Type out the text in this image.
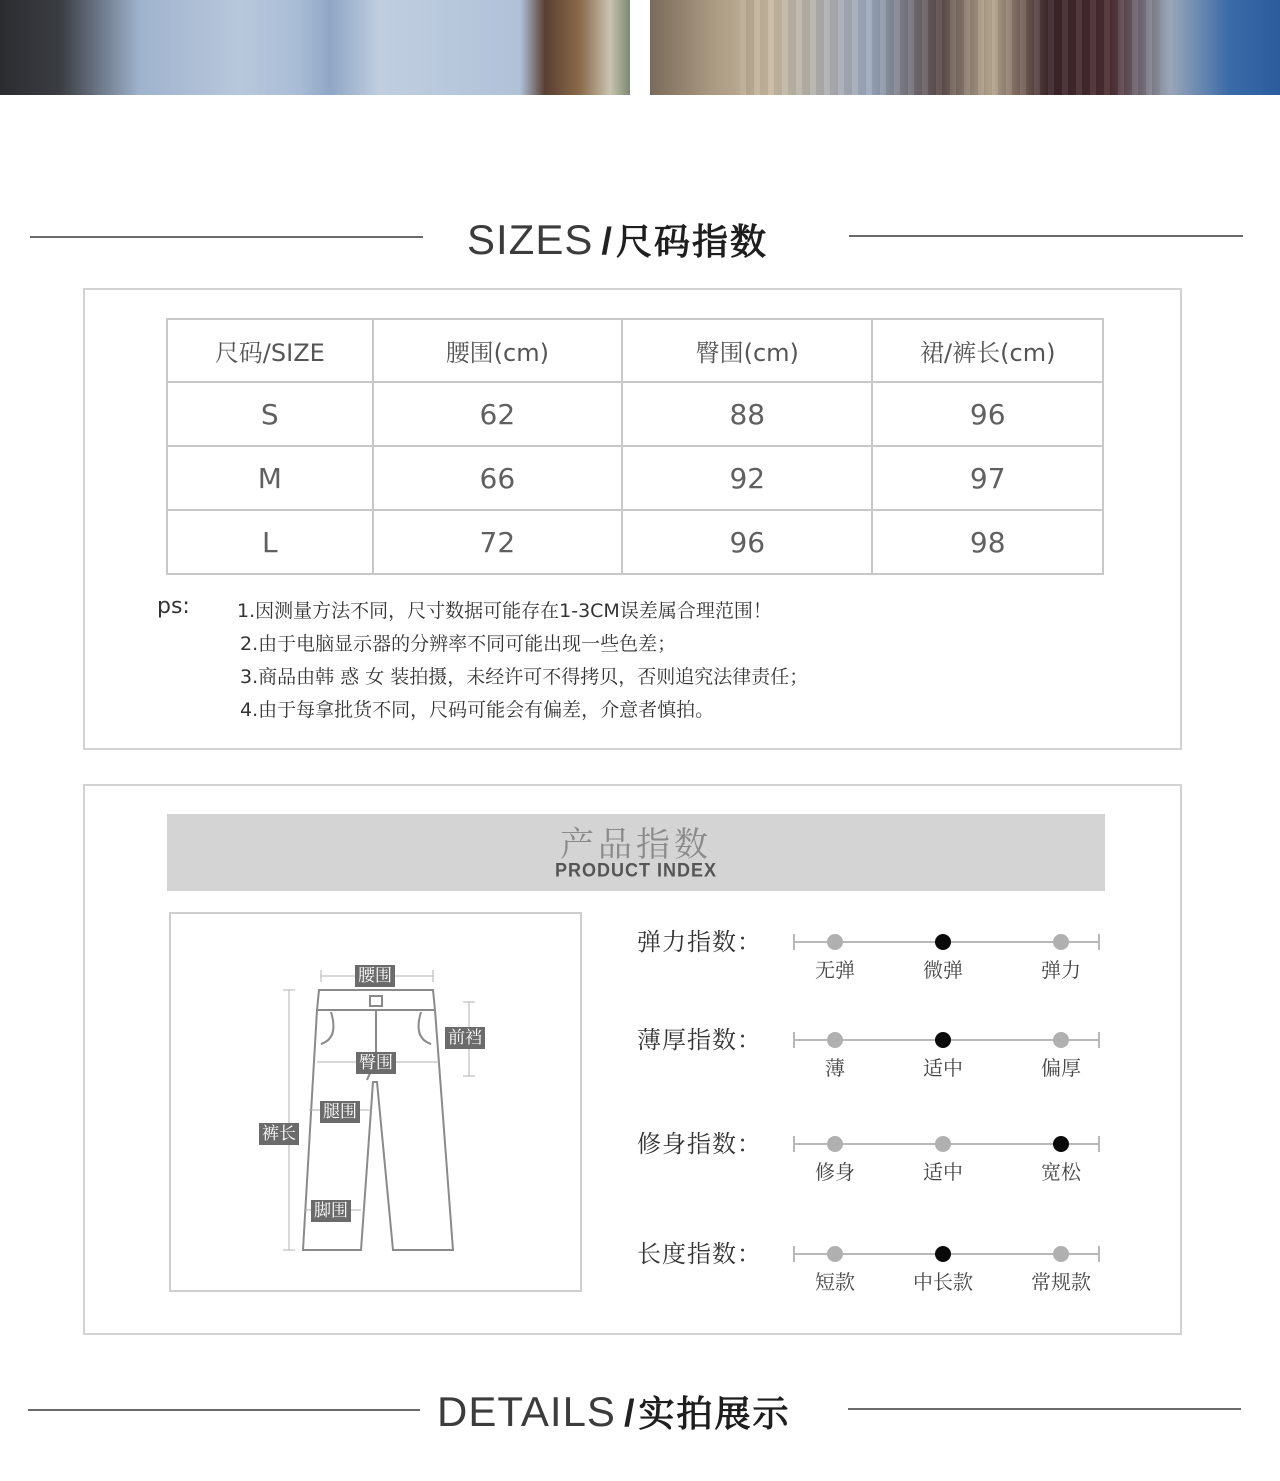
SIZES / 尺码指数
尺码/SIZE	腰围(cm)	臀围(cm)	裙/裤长(cm)
S	62	88	96
M	66	92	97
L	72	96	98
ps: 1.因测量方法不同，尺寸数据可能存在1-3CM误差属合理范围！
2.由于电脑显示器的分辨率不同可能出现一些色差；
3.商品由韩 惑 女 装拍摄，未经许可不得拷贝，否则追究法律责任；
4.由于每拿批货不同，尺码可能会有偏差，介意者慎拍。
产品指数
PRODUCT INDEX
腰围
前裆
臀围
腿围
裤长
脚围
弹力指数：
无弹	微弹	弹力
薄厚指数：
薄	适中	偏厚
修身指数：
修身	适中	宽松
长度指数：
短款	中长款	常规款
DETAILS / 实拍展示
